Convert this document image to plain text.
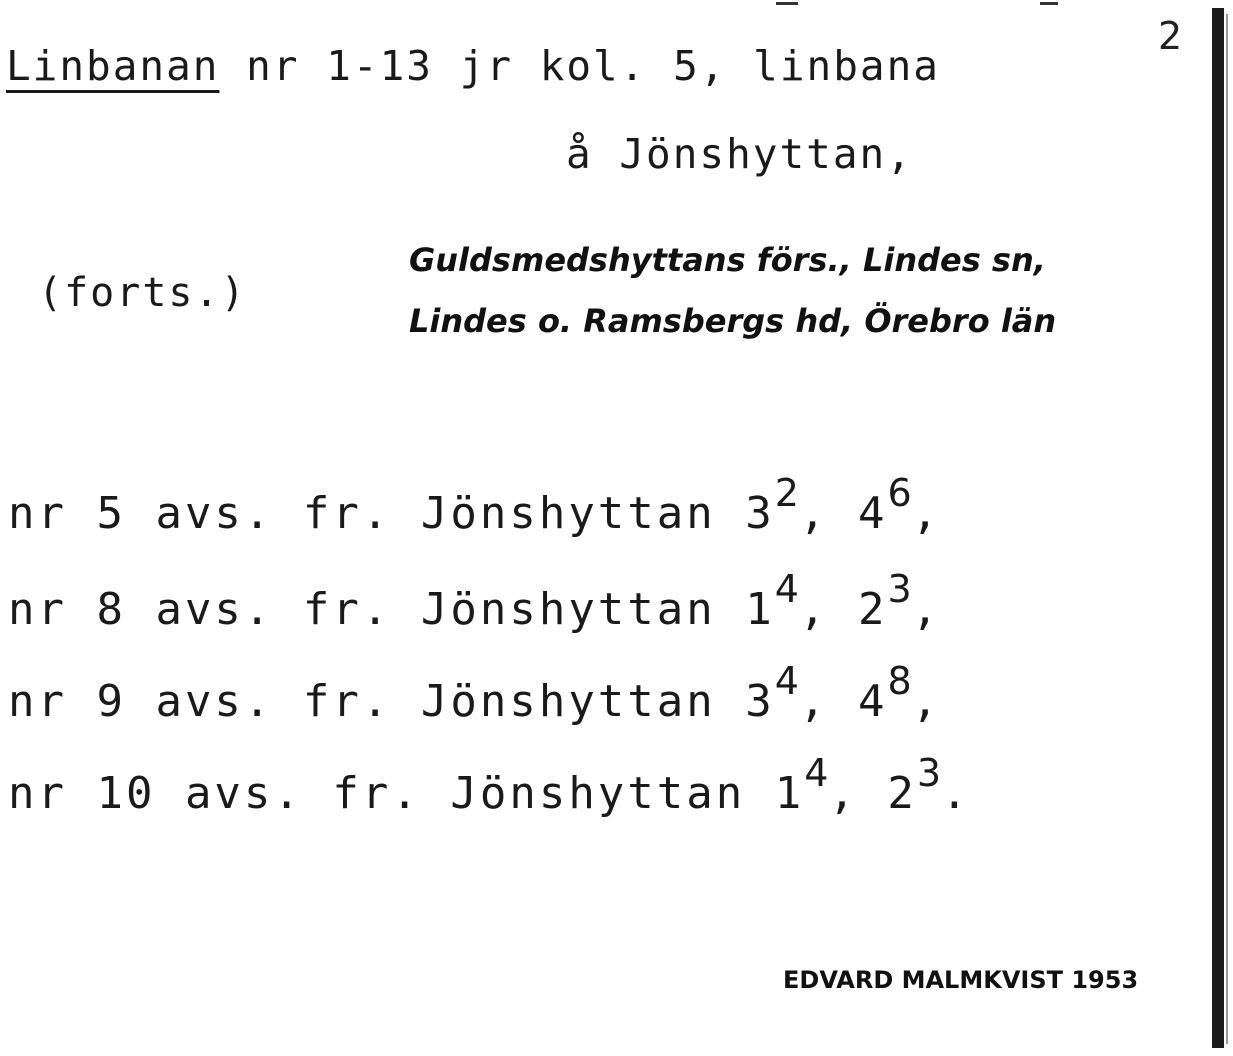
2
Linbanan nr 1-13 jr kol. 5, linbana
å Jönshyttan,
(forts.)
Guldsmedshyttans förs., Lindes sn,
Lindes o. Ramsbergs hd, Örebro län
nr 5 avs. fr. Jönshyttan $3^2$, $4^6$,
nr 8 avs. fr. Jönshyttan $1^4$, $2^3$,
nr 9 avs. fr. Jönshyttan $3^4$, $4^8$,
nr 10 avs. fr. Jönshyttan $1^4$, $2^3$.
EDVARD MALMKVIST 1953
